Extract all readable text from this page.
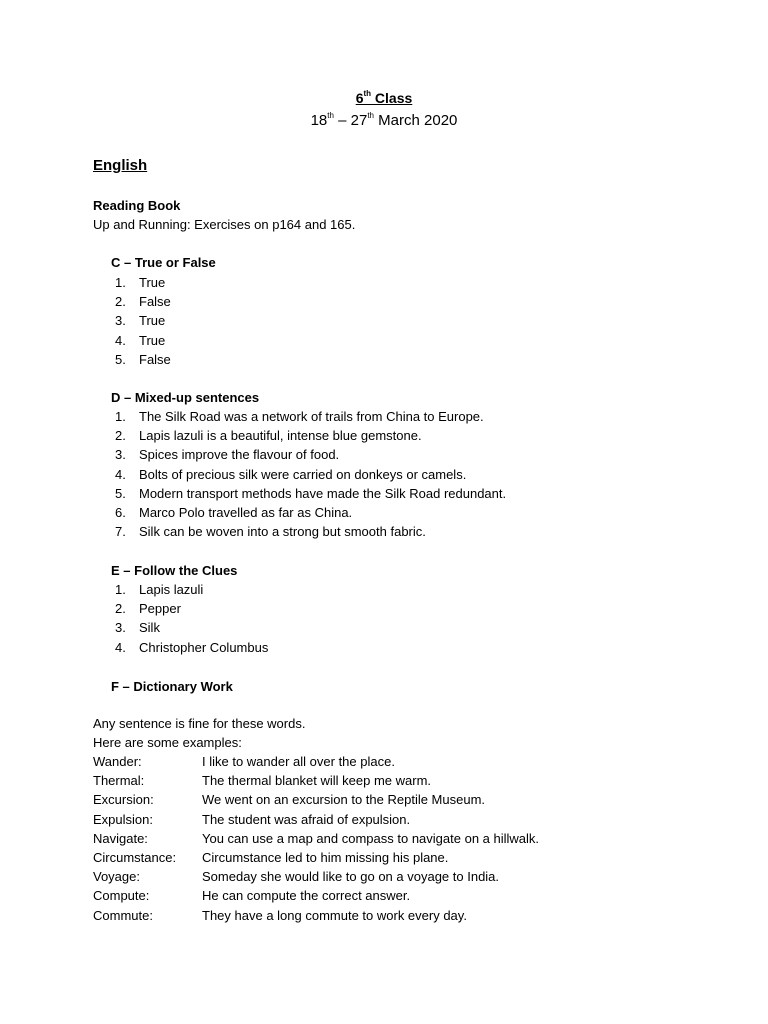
6th Class
18th – 27th March 2020
English
Reading Book
Up and Running: Exercises on p164 and 165.
C – True or False
1.	True
2.	False
3.	True
4.	True
5.	False
D – Mixed-up sentences
1.	The Silk Road was a network of trails from China to Europe.
2.	Lapis lazuli is a beautiful, intense blue gemstone.
3.	Spices improve the flavour of food.
4.	Bolts of precious silk were carried on donkeys or camels.
5.	Modern transport methods have made the Silk Road redundant.
6.	Marco Polo travelled as far as China.
7.	Silk can be woven into a strong but smooth fabric.
E – Follow the Clues
1.	Lapis lazuli
2.	Pepper
3.	Silk
4.	Christopher Columbus
F – Dictionary Work
Any sentence is fine for these words.
Here are some examples:
Wander:	I like to wander all over the place.
Thermal:	The thermal blanket will keep me warm.
Excursion:	We went on an excursion to the Reptile Museum.
Expulsion:	The student was afraid of expulsion.
Navigate:	You can use a map and compass to navigate on a hillwalk.
Circumstance:	Circumstance led to him missing his plane.
Voyage:	Someday she would like to go on a voyage to India.
Compute:	He can compute the correct answer.
Commute:	They have a long commute to work every day.
